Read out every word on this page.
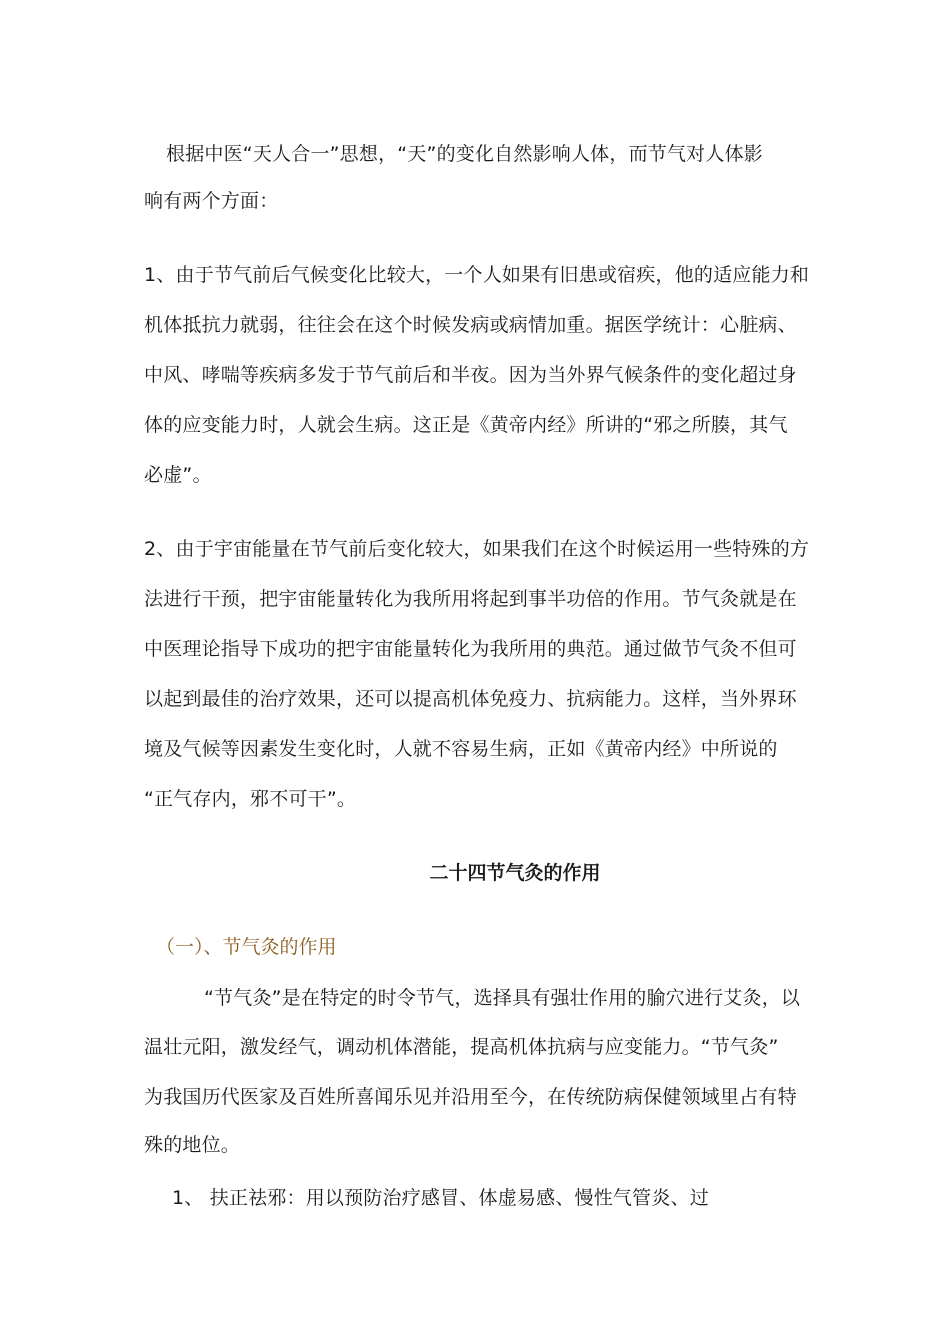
根据中医“天人合一”思想，“天”的变化自然影响人体，而节气对人体影
响有两个方面：
1、由于节气前后气候变化比较大，一个人如果有旧患或宿疾，他的适应能力和
机体抵抗力就弱，往往会在这个时候发病或病情加重。据医学统计：心脏病、
中风、哮喘等疾病多发于节气前后和半夜。因为当外界气候条件的变化超过身
体的应变能力时，人就会生病。这正是《黄帝内经》所讲的“邪之所腠，其气
必虚”。
2、由于宇宙能量在节气前后变化较大，如果我们在这个时候运用一些特殊的方
法进行干预，把宇宙能量转化为我所用将起到事半功倍的作用。节气灸就是在
中医理论指导下成功的把宇宙能量转化为我所用的典范。通过做节气灸不但可
以起到最佳的治疗效果，还可以提高机体免疫力、抗病能力。这样，当外界环
境及气候等因素发生变化时，人就不容易生病，正如《黄帝内经》中所说的
“正气存内，邪不可干”。
二十四节气灸的作用
（一）、节气灸的作用
“节气灸”是在特定的时令节气，选择具有强壮作用的腧穴进行艾灸，以
温壮元阳，激发经气，调动机体潜能，提高机体抗病与应变能力。“节气灸”
为我国历代医家及百姓所喜闻乐见并沿用至今，在传统防病保健领域里占有特
殊的地位。
1、 扶正祛邪：用以预防治疗感冒、体虚易感、慢性气管炎、过
